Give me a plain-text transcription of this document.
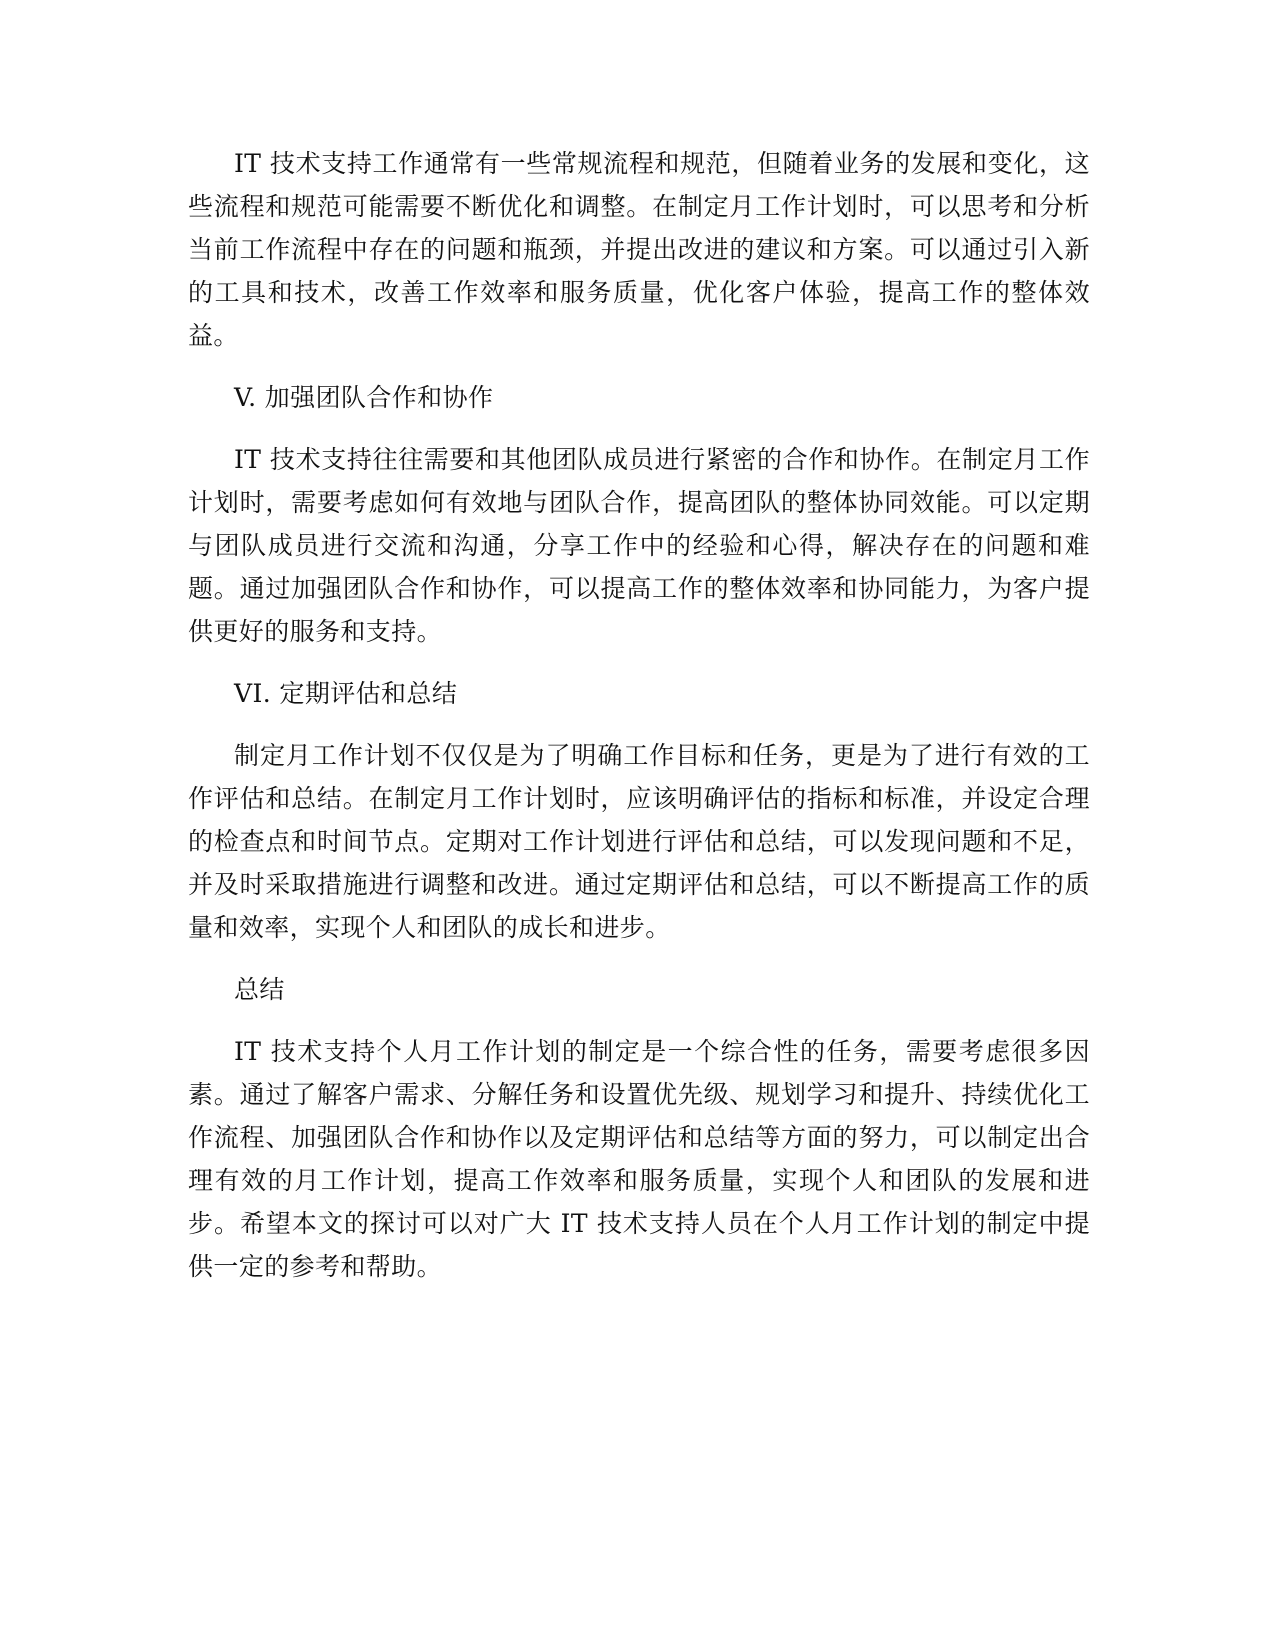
IT 技术支持工作通常有一些常规流程和规范，但随着业务的发展和变化，这些流程和规范可能需要不断优化和调整。在制定月工作计划时，可以思考和分析当前工作流程中存在的问题和瓶颈，并提出改进的建议和方案。可以通过引入新的工具和技术，改善工作效率和服务质量，优化客户体验，提高工作的整体效益。

V. 加强团队合作和协作

IT 技术支持往往需要和其他团队成员进行紧密的合作和协作。在制定月工作计划时，需要考虑如何有效地与团队合作，提高团队的整体协同效能。可以定期与团队成员进行交流和沟通，分享工作中的经验和心得，解决存在的问题和难题。通过加强团队合作和协作，可以提高工作的整体效率和协同能力，为客户提供更好的服务和支持。

VI. 定期评估和总结

制定月工作计划不仅仅是为了明确工作目标和任务，更是为了进行有效的工作评估和总结。在制定月工作计划时，应该明确评估的指标和标准，并设定合理的检查点和时间节点。定期对工作计划进行评估和总结，可以发现问题和不足，并及时采取措施进行调整和改进。通过定期评估和总结，可以不断提高工作的质量和效率，实现个人和团队的成长和进步。

总结

IT 技术支持个人月工作计划的制定是一个综合性的任务，需要考虑很多因素。通过了解客户需求、分解任务和设置优先级、规划学习和提升、持续优化工作流程、加强团队合作和协作以及定期评估和总结等方面的努力，可以制定出合理有效的月工作计划，提高工作效率和服务质量，实现个人和团队的发展和进步。希望本文的探讨可以对广大 IT 技术支持人员在个人月工作计划的制定中提供一定的参考和帮助。
